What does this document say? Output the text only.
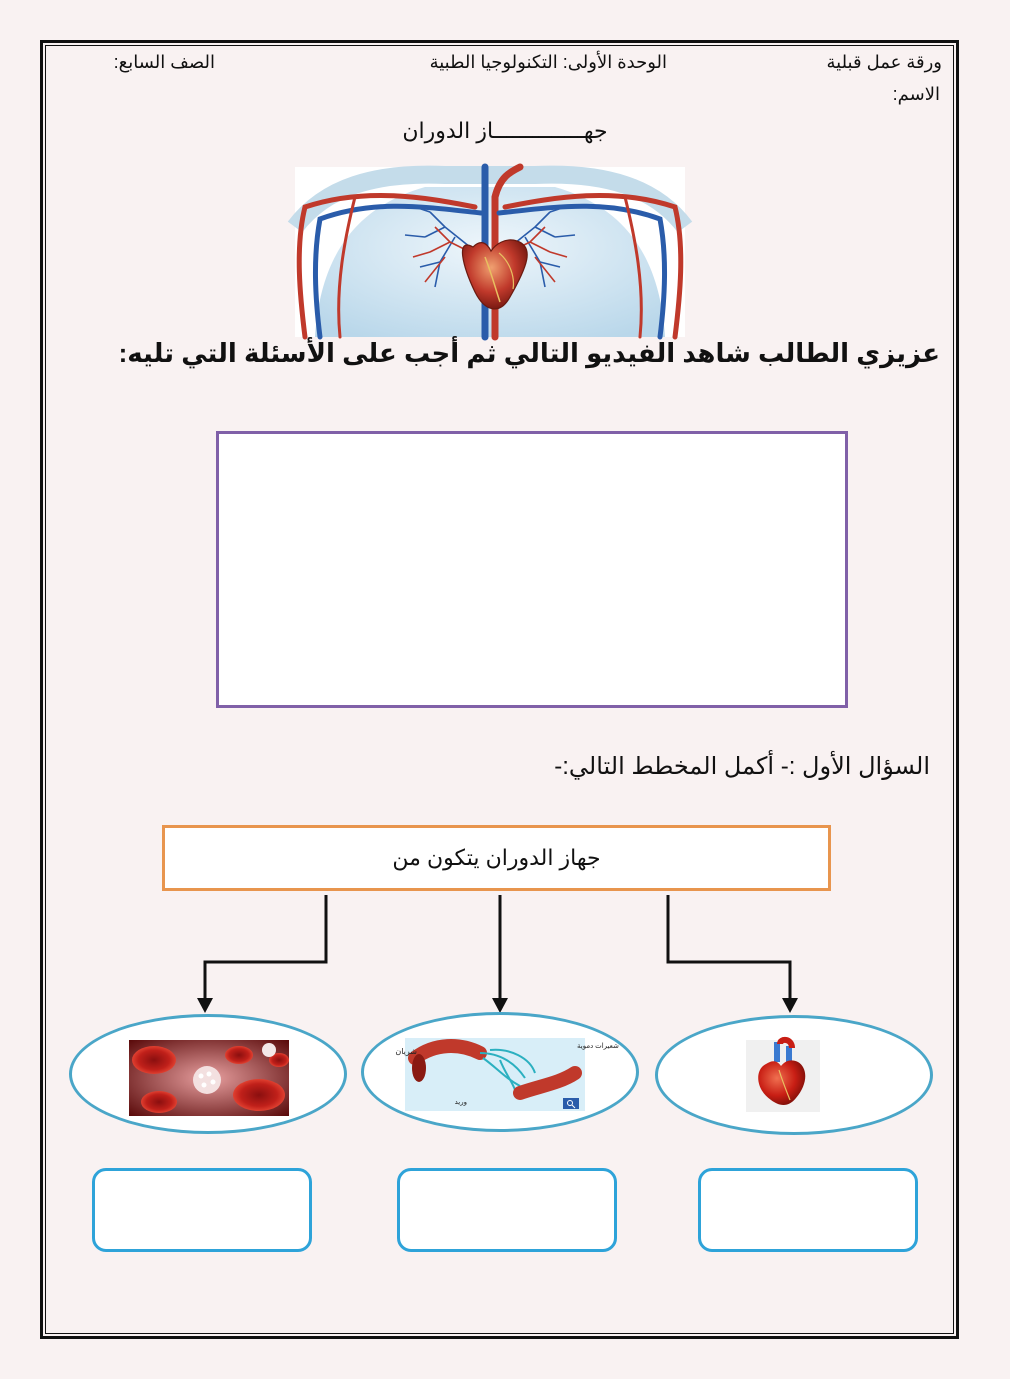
ورقة عمل قبلية
الوحدة الأولى: التكنولوجيا الطبية
الصف السابع:
الاسم:
جهــــــــــــــاز الدوران
عزيزي الطالب شاهد الفيديو التالي ثم أجب على الأسئلة التي تليه:
السؤال الأول :- أكمل المخطط التالي:-
جهاز الدوران يتكون من
شريان
شعيرات دموية
وريد
